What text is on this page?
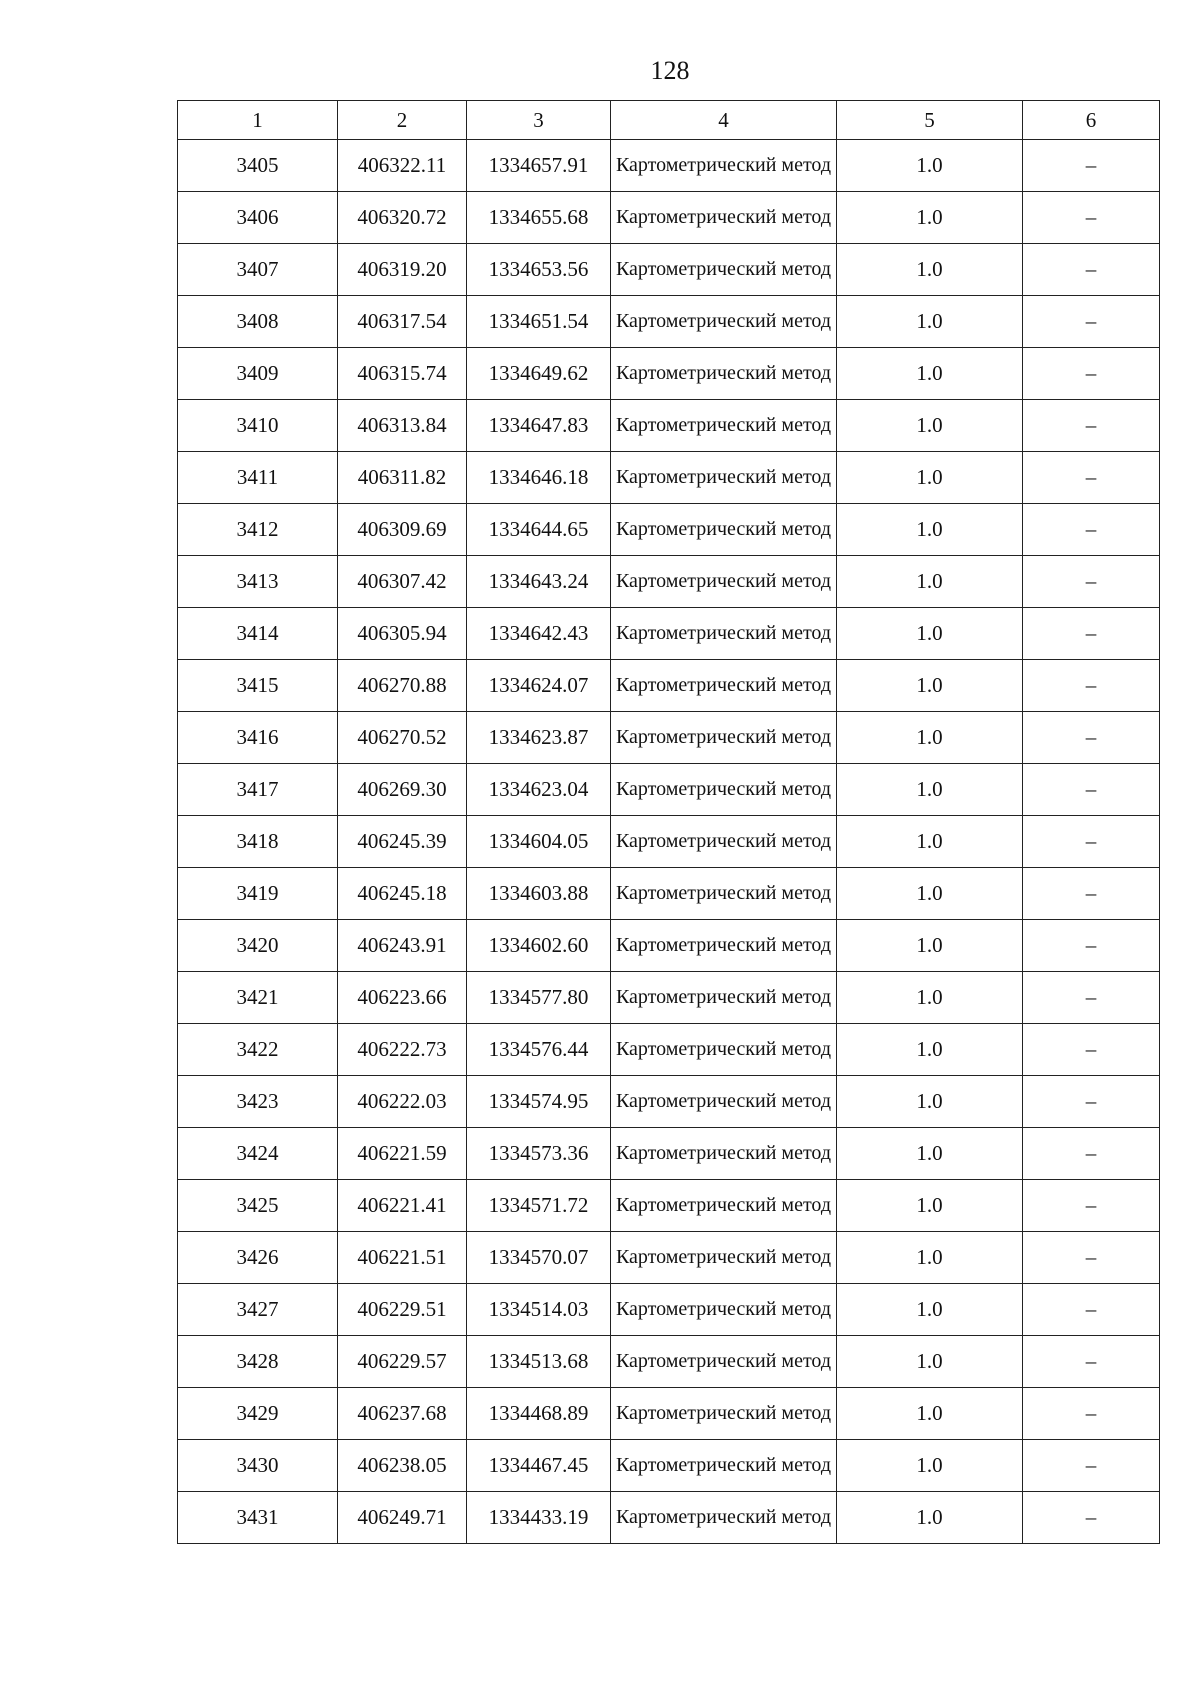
128
1	2	3	4	5	6
3405	406322.11	1334657.91	Картометрический метод	1.0	–
3406	406320.72	1334655.68	Картометрический метод	1.0	–
3407	406319.20	1334653.56	Картометрический метод	1.0	–
3408	406317.54	1334651.54	Картометрический метод	1.0	–
3409	406315.74	1334649.62	Картометрический метод	1.0	–
3410	406313.84	1334647.83	Картометрический метод	1.0	–
3411	406311.82	1334646.18	Картометрический метод	1.0	–
3412	406309.69	1334644.65	Картометрический метод	1.0	–
3413	406307.42	1334643.24	Картометрический метод	1.0	–
3414	406305.94	1334642.43	Картометрический метод	1.0	–
3415	406270.88	1334624.07	Картометрический метод	1.0	–
3416	406270.52	1334623.87	Картометрический метод	1.0	–
3417	406269.30	1334623.04	Картометрический метод	1.0	–
3418	406245.39	1334604.05	Картометрический метод	1.0	–
3419	406245.18	1334603.88	Картометрический метод	1.0	–
3420	406243.91	1334602.60	Картометрический метод	1.0	–
3421	406223.66	1334577.80	Картометрический метод	1.0	–
3422	406222.73	1334576.44	Картометрический метод	1.0	–
3423	406222.03	1334574.95	Картометрический метод	1.0	–
3424	406221.59	1334573.36	Картометрический метод	1.0	–
3425	406221.41	1334571.72	Картометрический метод	1.0	–
3426	406221.51	1334570.07	Картометрический метод	1.0	–
3427	406229.51	1334514.03	Картометрический метод	1.0	–
3428	406229.57	1334513.68	Картометрический метод	1.0	–
3429	406237.68	1334468.89	Картометрический метод	1.0	–
3430	406238.05	1334467.45	Картометрический метод	1.0	–
3431	406249.71	1334433.19	Картометрический метод	1.0	–
